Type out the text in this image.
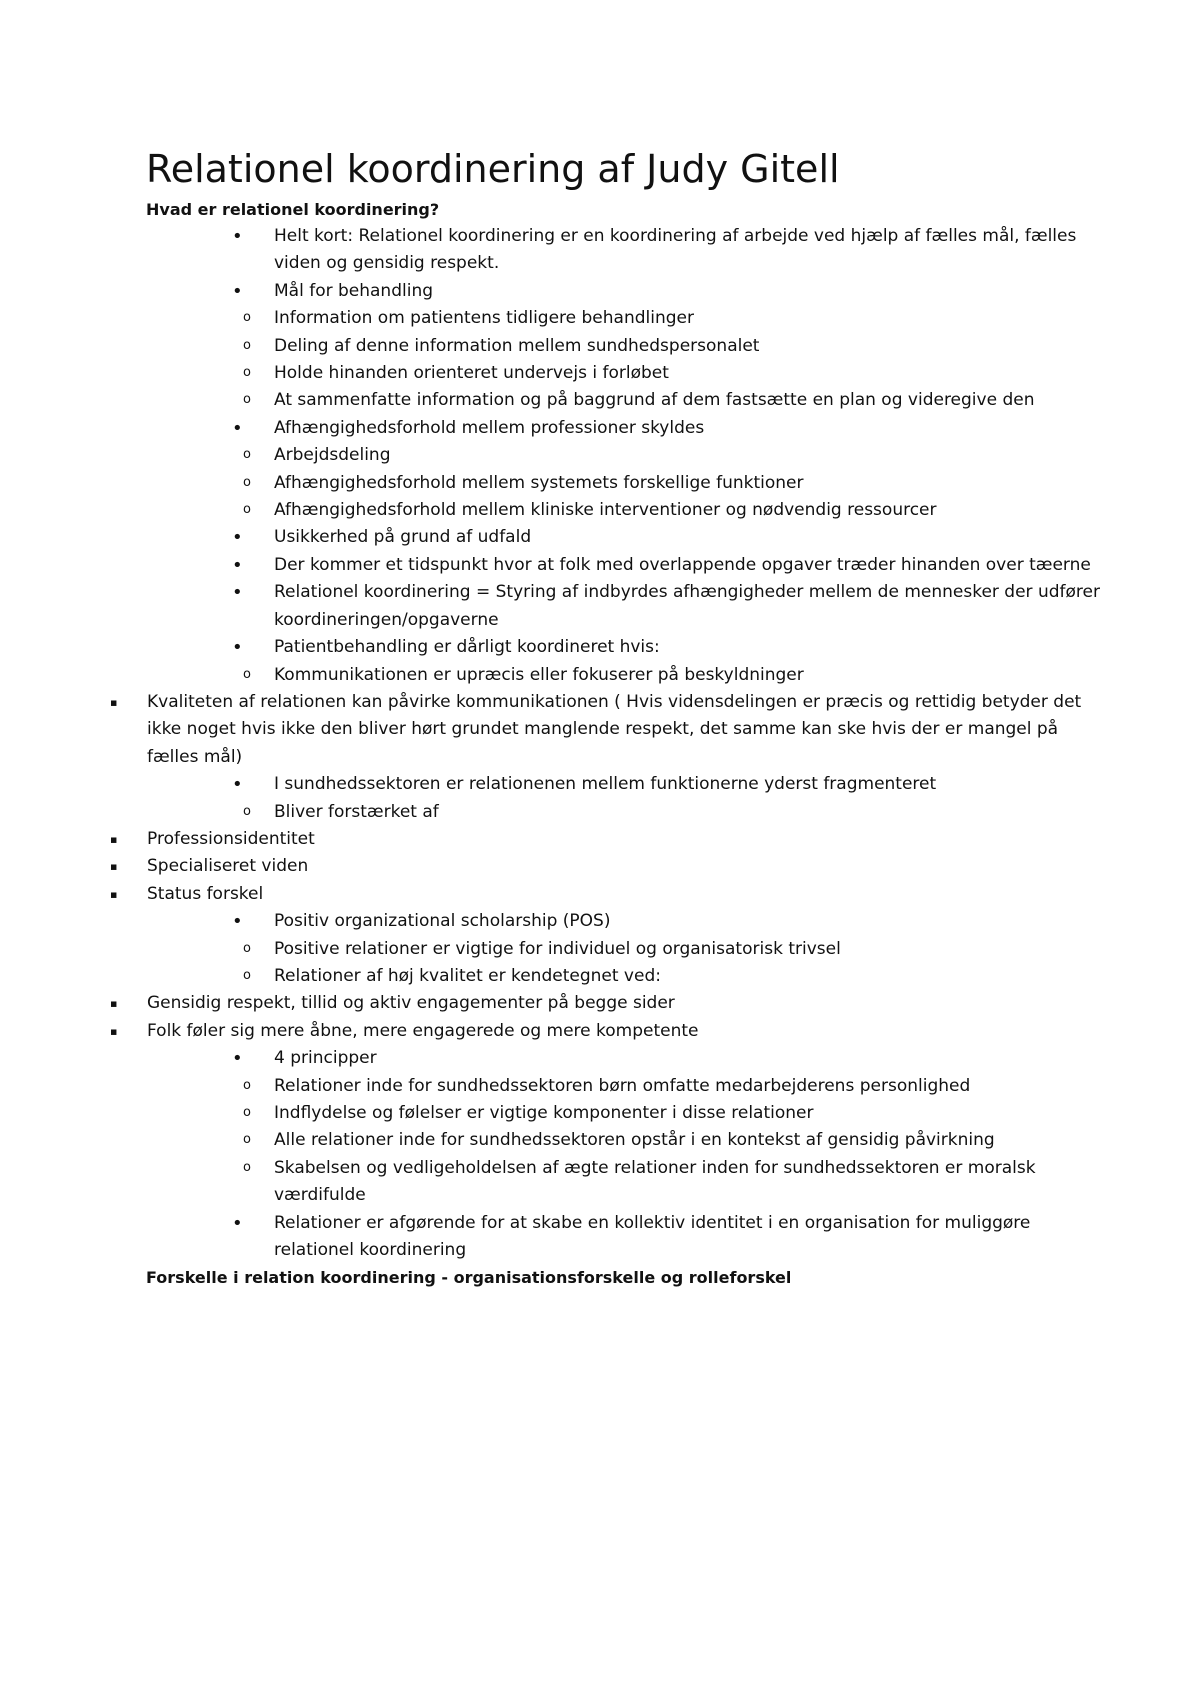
Relationel koordinering af Judy Gitell

Hvad er relationel koordinering?

• Helt kort: Relationel koordinering er en koordinering af arbejde ved hjælp af fælles mål, fælles viden og gensidig respekt.
• Mål for behandling
o Information om patientens tidligere behandlinger
o Deling af denne information mellem sundhedspersonalet
o Holde hinanden orienteret undervejs i forløbet
o At sammenfatte information og på baggrund af dem fastsætte en plan og videregive den
• Afhængighedsforhold mellem professioner skyldes
o Arbejdsdeling
o Afhængighedsforhold mellem systemets forskellige funktioner
o Afhængighedsforhold mellem kliniske interventioner og nødvendig ressourcer
• Usikkerhed på grund af udfald
• Der kommer et tidspunkt hvor at folk med overlappende opgaver træder hinanden over tæerne
• Relationel koordinering = Styring af indbyrdes afhængigheder mellem de mennesker der udfører koordineringen/opgaverne
• Patientbehandling er dårligt koordineret hvis:
o Kommunikationen er upræcis eller fokuserer på beskyldninger
▪ Kvaliteten af relationen kan påvirke kommunikationen ( Hvis vidensdelingen er præcis og rettidig betyder det ikke noget hvis ikke den bliver hørt grundet manglende respekt, det samme kan ske hvis der er mangel på fælles mål)
• I sundhedssektoren er relationenen mellem funktionerne yderst fragmenteret
o Bliver forstærket af
▪ Professionsidentitet
▪ Specialiseret viden
▪ Status forskel
• Positiv organizational scholarship (POS)
o Positive relationer er vigtige for individuel og organisatorisk trivsel
o Relationer af høj kvalitet er kendetegnet ved:
▪ Gensidig respekt, tillid og aktiv engagementer på begge sider
▪ Folk føler sig mere åbne, mere engagerede og mere kompetente
• 4 principper
o Relationer inde for sundhedssektoren børn omfatte medarbejderens personlighed
o Indflydelse og følelser er vigtige komponenter i disse relationer
o Alle relationer inde for sundhedssektoren opstår i en kontekst af gensidig påvirkning
o Skabelsen og vedligeholdelsen af ægte relationer inden for sundhedssektoren er moralsk værdifulde
• Relationer er afgørende for at skabe en kollektiv identitet i en organisation for muliggøre relationel koordinering

Forskelle i relation koordinering - organisationsforskelle og rolleforskel
